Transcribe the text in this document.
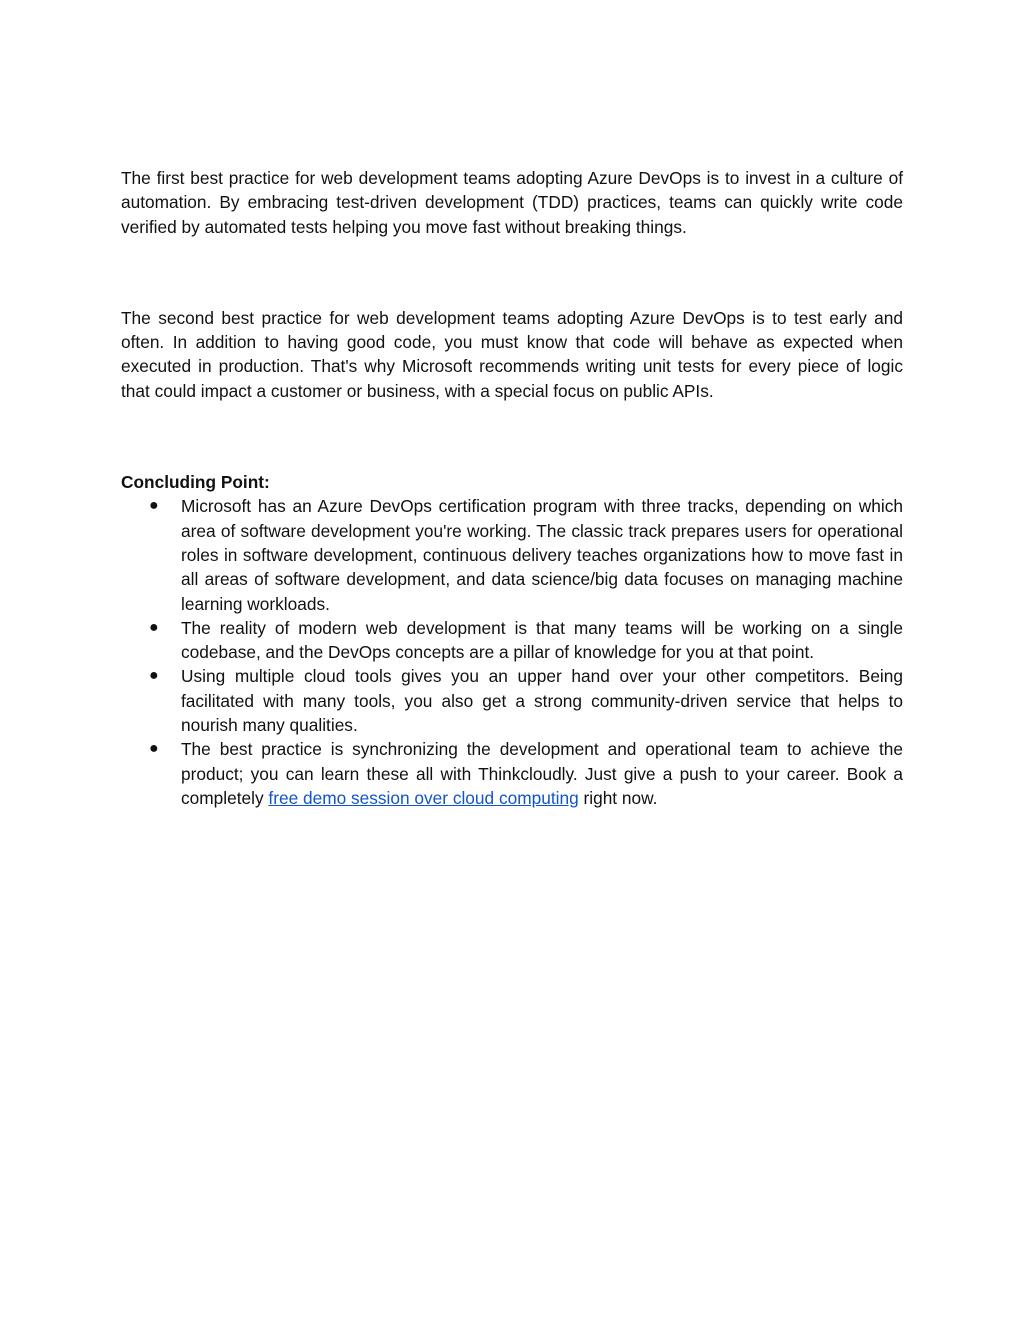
The first best practice for web development teams adopting Azure DevOps is to invest in a culture of automation. By embracing test-driven development (TDD) practices, teams can quickly write code verified by automated tests helping you move fast without breaking things.

The second best practice for web development teams adopting Azure DevOps is to test early and often. In addition to having good code, you must know that code will behave as expected when executed in production. That's why Microsoft recommends writing unit tests for every piece of logic that could impact a customer or business, with a special focus on public APIs.

Concluding Point:

● Microsoft has an Azure DevOps certification program with three tracks, depending on which area of software development you're working. The classic track prepares users for operational roles in software development, continuous delivery teaches organizations how to move fast in all areas of software development, and data science/big data focuses on managing machine learning workloads.
● The reality of modern web development is that many teams will be working on a single codebase, and the DevOps concepts are a pillar of knowledge for you at that point.
● Using multiple cloud tools gives you an upper hand over your other competitors. Being facilitated with many tools, you also get a strong community-driven service that helps to nourish many qualities.
● The best practice is synchronizing the development and operational team to achieve the product; you can learn these all with Thinkcloudly. Just give a push to your career. Book a completely free demo session over cloud computing right now.
